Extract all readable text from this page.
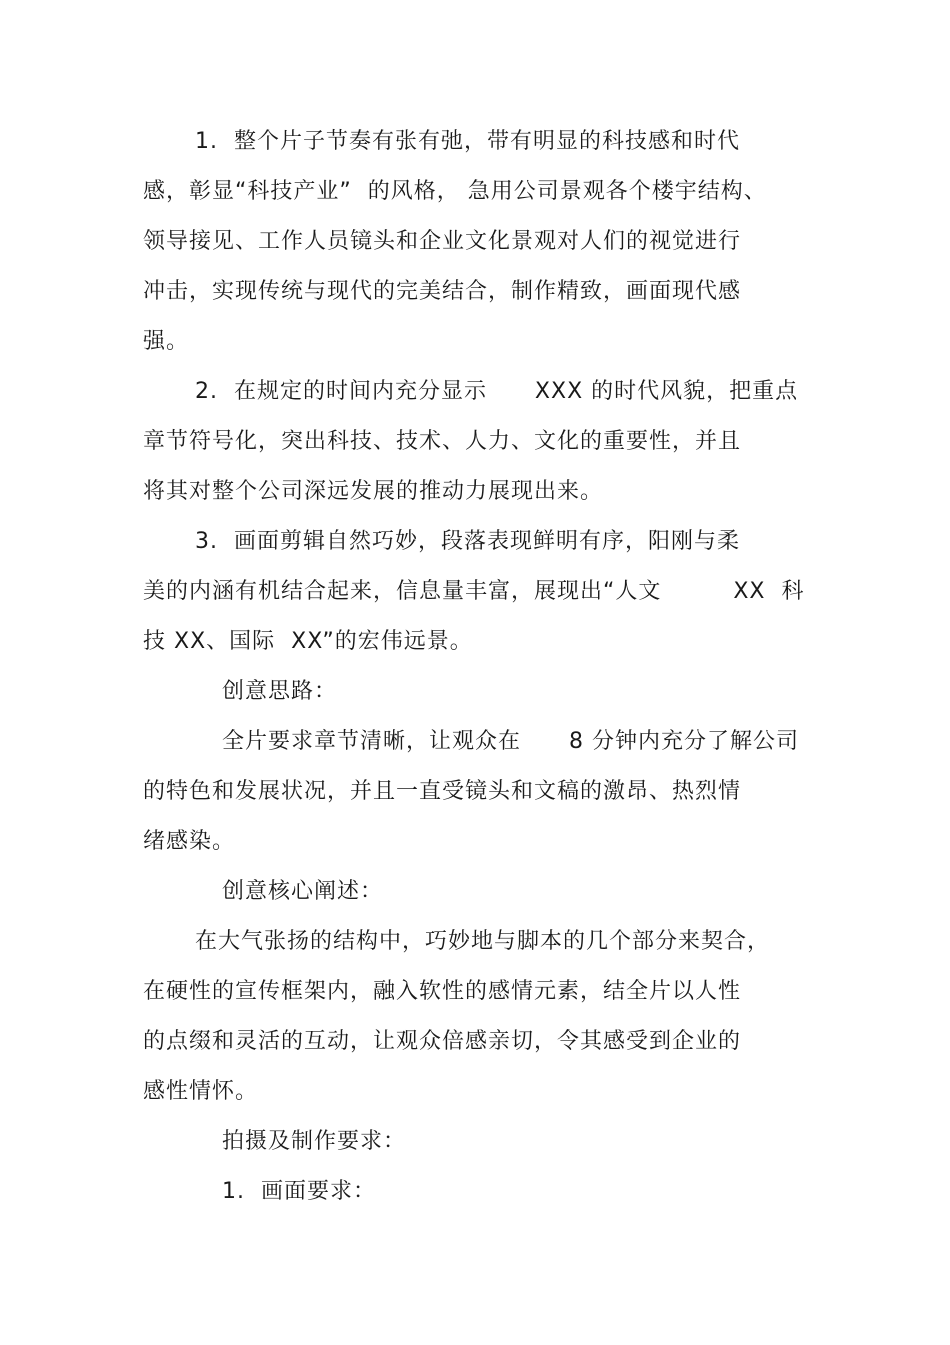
1.  整个片子节奏有张有弛，带有明显的科技感和时代
感，彰显“科技产业”  的风格， 急用公司景观各个楼宇结构、
领导接见、工作人员镜头和企业文化景观对人们的视觉进行
冲击，实现传统与现代的完美结合，制作精致，画面现代感
强。
2.  在规定的时间内充分显示      XXX 的时代风貌，把重点
章节符号化，突出科技、技术、人力、文化的重要性，并且
将其对整个公司深远发展的推动力展现出来。
3.  画面剪辑自然巧妙，段落表现鲜明有序，阳刚与柔
美的内涵有机结合起来，信息量丰富，展现出“人文         XX  科
技 XX、国际  XX”的宏伟远景。
创意思路：
全片要求章节清晰，让观众在      8 分钟内充分了解公司
的特色和发展状况，并且一直受镜头和文稿的激昂、热烈情
绪感染。
创意核心阐述：
在大气张扬的结构中，巧妙地与脚本的几个部分来契合，
在硬性的宣传框架内，融入软性的感情元素，结全片以人性
的点缀和灵活的互动，让观众倍感亲切，令其感受到企业的
感性情怀。
拍摄及制作要求：
1.  画面要求：
